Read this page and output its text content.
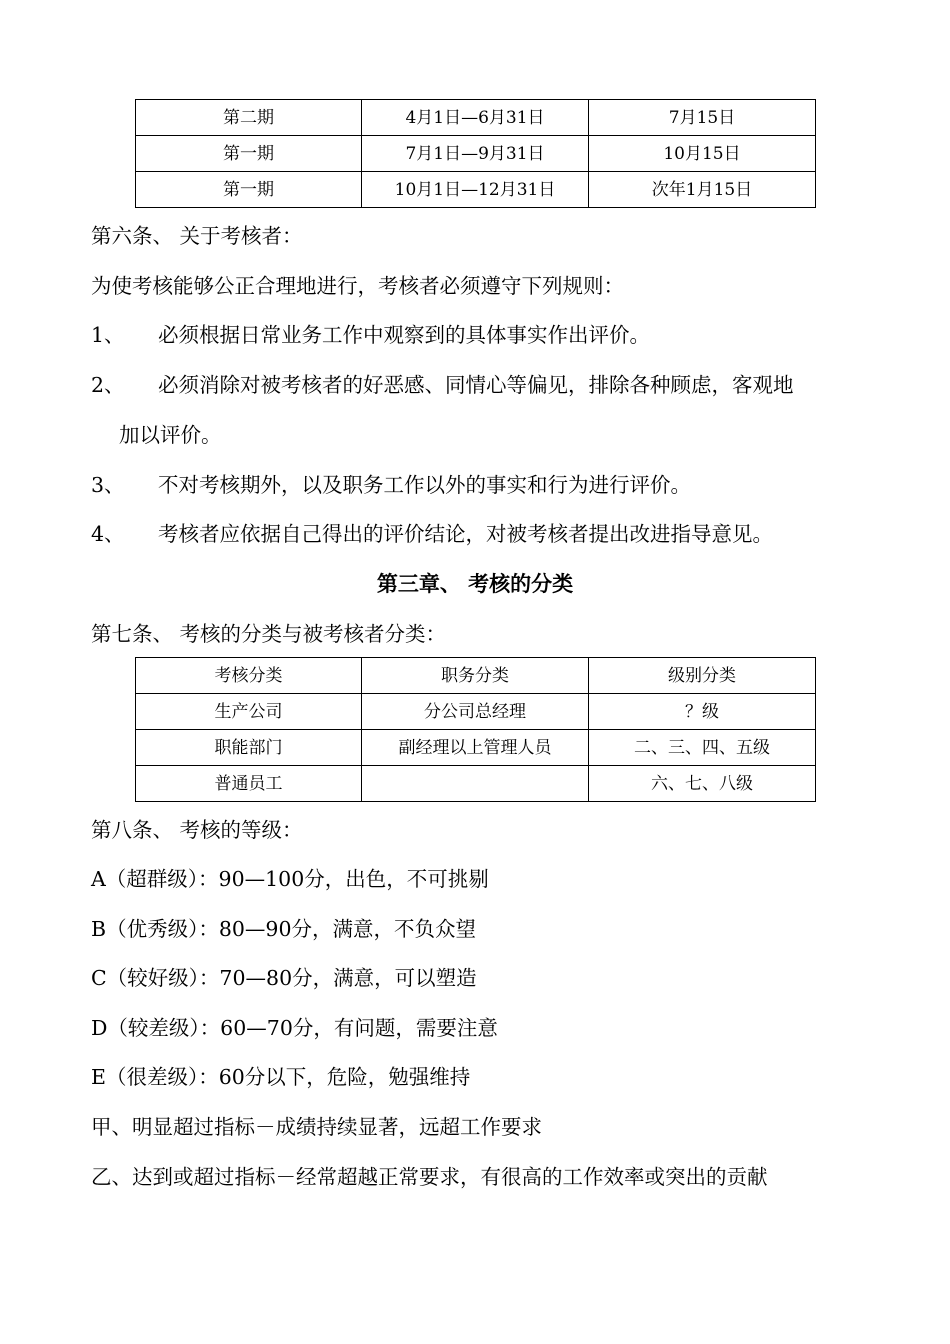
第二期	4月1日—6月31日	7月15日
第一期	7月1日—9月31日	10月15日
第一期	10月1日—12月31日	次年1月15日
第六条、 关于考核者：
为使考核能够公正合理地进行，考核者必须遵守下列规则：
1、 必须根据日常业务工作中观察到的具体事实作出评价。
2、 必须消除对被考核者的好恶感、同情心等偏见，排除各种顾虑，客观地
加以评价。
3、 不对考核期外，以及职务工作以外的事实和行为进行评价。
4、 考核者应依据自己得出的评价结论，对被考核者提出改进指导意见。
第三章、 考核的分类
第七条、 考核的分类与被考核者分类：
考核分类	职务分类	级别分类
生产公司	分公司总经理	？级
职能部门	副经理以上管理人员	二、三、四、五级
普通员工		六、七、八级
第八条、 考核的等级：
A（超群级）：90—100分，出色，不可挑剔
B（优秀级）：80—90分，满意，不负众望
C（较好级）：70—80分，满意，可以塑造
D（较差级）：60—70分，有问题，需要注意
E（很差级）：60分以下，危险，勉强维持
甲、明显超过指标－成绩持续显著，远超工作要求
乙、达到或超过指标－经常超越正常要求，有很高的工作效率或突出的贡献
